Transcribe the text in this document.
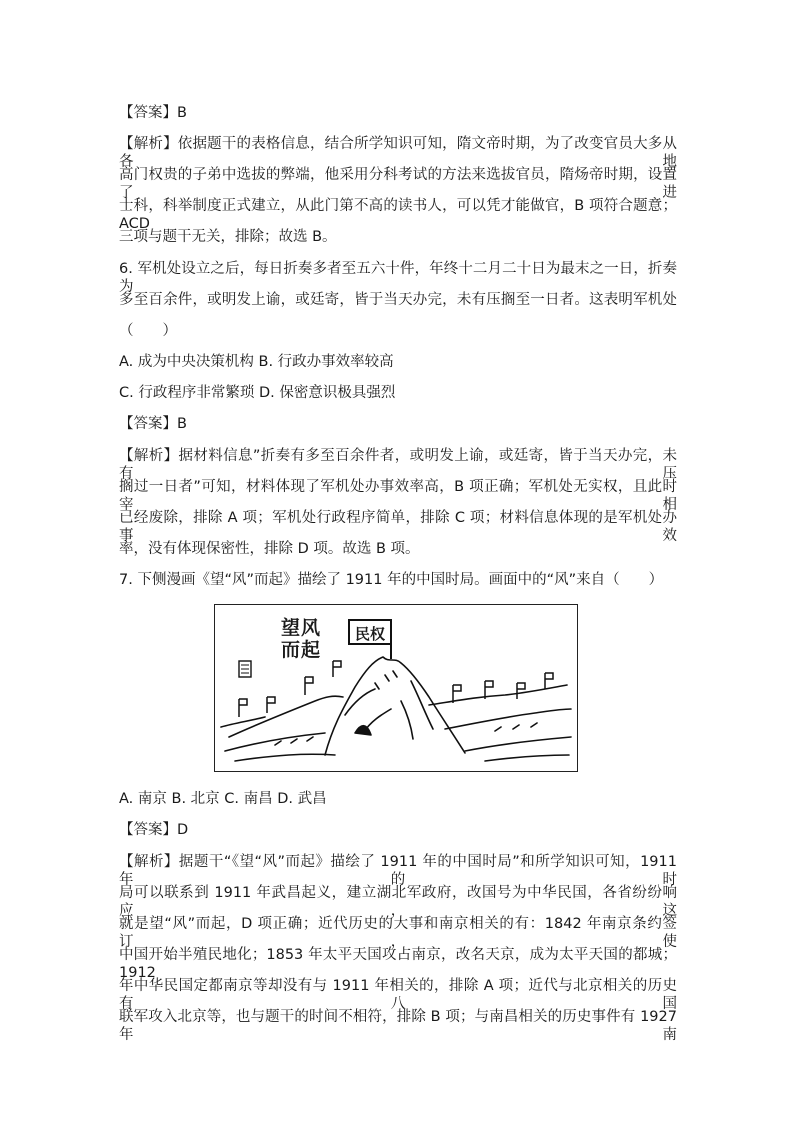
【答案】B
【解析】依据题干的表格信息，结合所学知识可知，隋文帝时期，为了改变官员大多从各地
高门权贵的子弟中选拔的弊端，他采用分科考试的方法来选拔官员，隋炀帝时期，设置了进
士科，科举制度正式建立，从此门第不高的读书人，可以凭才能做官，B 项符合题意；ACD
三项与题干无关，排除；故选 B。
6. 军机处设立之后，每日折奏多者至五六十件，年终十二月二十日为最末之一日，折奏为
多至百余件，或明发上谕，或廷寄，皆于当天办完，未有压搁至一日者。这表明军机处
（　　）
A. 成为中央决策机构 B. 行政办事效率较高
C. 行政程序非常繁琐 D. 保密意识极具强烈
【答案】B
【解析】据材料信息”折奏有多至百余件者，或明发上谕，或廷寄，皆于当天办完，未有压
搁过一日者”可知，材料体现了军机处办事效率高，B 项正确；军机处无实权，且此时宰相
已经废除，排除 A 项；军机处行政程序简单，排除 C 项；材料信息体现的是军机处办事效
率，没有体现保密性，排除 D 项。故选 B 项。
7. 下侧漫画《望“风”而起》描绘了 1911 年的中国时局。画面中的“风”来自（　　）
望风
而起
民权
A. 南京 B. 北京 C. 南昌 D. 武昌
【答案】D
【解析】据题干“《望“风”而起》描绘了 1911 年的中国时局”和所学知识可知，1911 年的时
局可以联系到 1911 年武昌起义，建立湖北军政府，改国号为中华民国，各省纷纷响应，这
就是望“风”而起，D 项正确；近代历史的大事和南京相关的有：1842 年南京条约签订，使
中国开始半殖民地化；1853 年太平天国攻占南京，改名天京，成为太平天国的都城；1912
年中华民国定都南京等却没有与 1911 年相关的，排除 A 项；近代与北京相关的历史有八国
联军攻入北京等，也与题干的时间不相符，排除 B 项；与南昌相关的历史事件有 1927 年南
